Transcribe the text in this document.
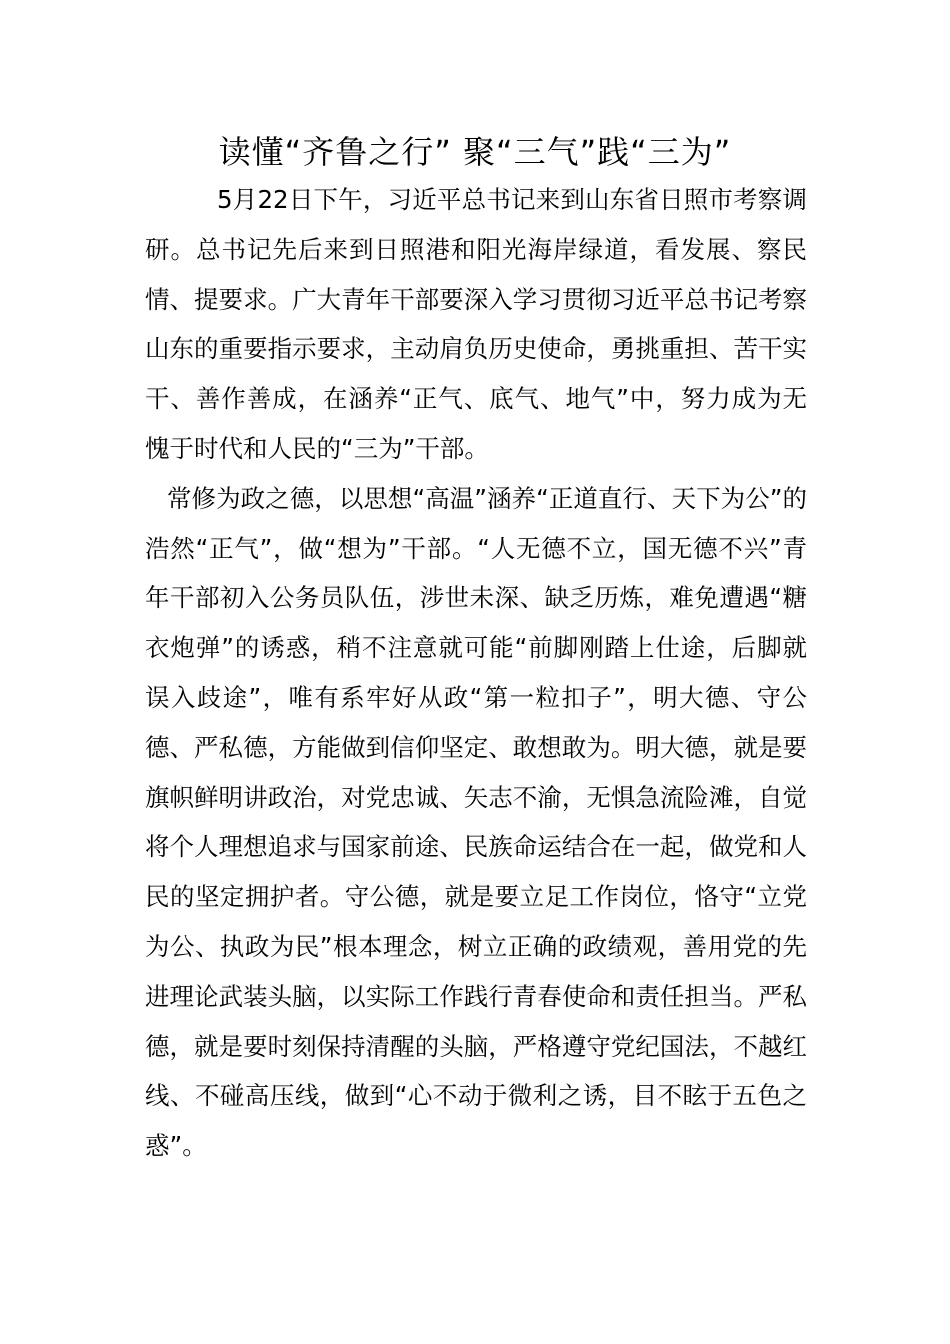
读懂“齐鲁之行” 聚“三气”践“三为”

5月22日下午，习近平总书记来到山东省日照市考察调研。总书记先后来到日照港和阳光海岸绿道，看发展、察民情、提要求。广大青年干部要深入学习贯彻习近平总书记考察山东的重要指示要求，主动肩负历史使命，勇挑重担、苦干实干、善作善成，在涵养“正气、底气、地气”中，努力成为无愧于时代和人民的“三为”干部。

常修为政之德，以思想“高温”涵养“正道直行、天下为公”的浩然“正气”，做“想为”干部。“人无德不立，国无德不兴”青年干部初入公务员队伍，涉世未深、缺乏历炼，难免遭遇“糖衣炮弹”的诱惑，稍不注意就可能“前脚刚踏上仕途，后脚就误入歧途”，唯有系牢好从政“第一粒扣子”，明大德、守公德、严私德，方能做到信仰坚定、敢想敢为。明大德，就是要旗帜鲜明讲政治，对党忠诚、矢志不渝，无惧急流险滩，自觉将个人理想追求与国家前途、民族命运结合在一起，做党和人民的坚定拥护者。守公德，就是要立足工作岗位，恪守“立党为公、执政为民”根本理念，树立正确的政绩观，善用党的先进理论武装头脑，以实际工作践行青春使命和责任担当。严私德，就是要时刻保持清醒的头脑，严格遵守党纪国法，不越红线、不碰高压线，做到“心不动于微利之诱，目不眩于五色之惑”。
